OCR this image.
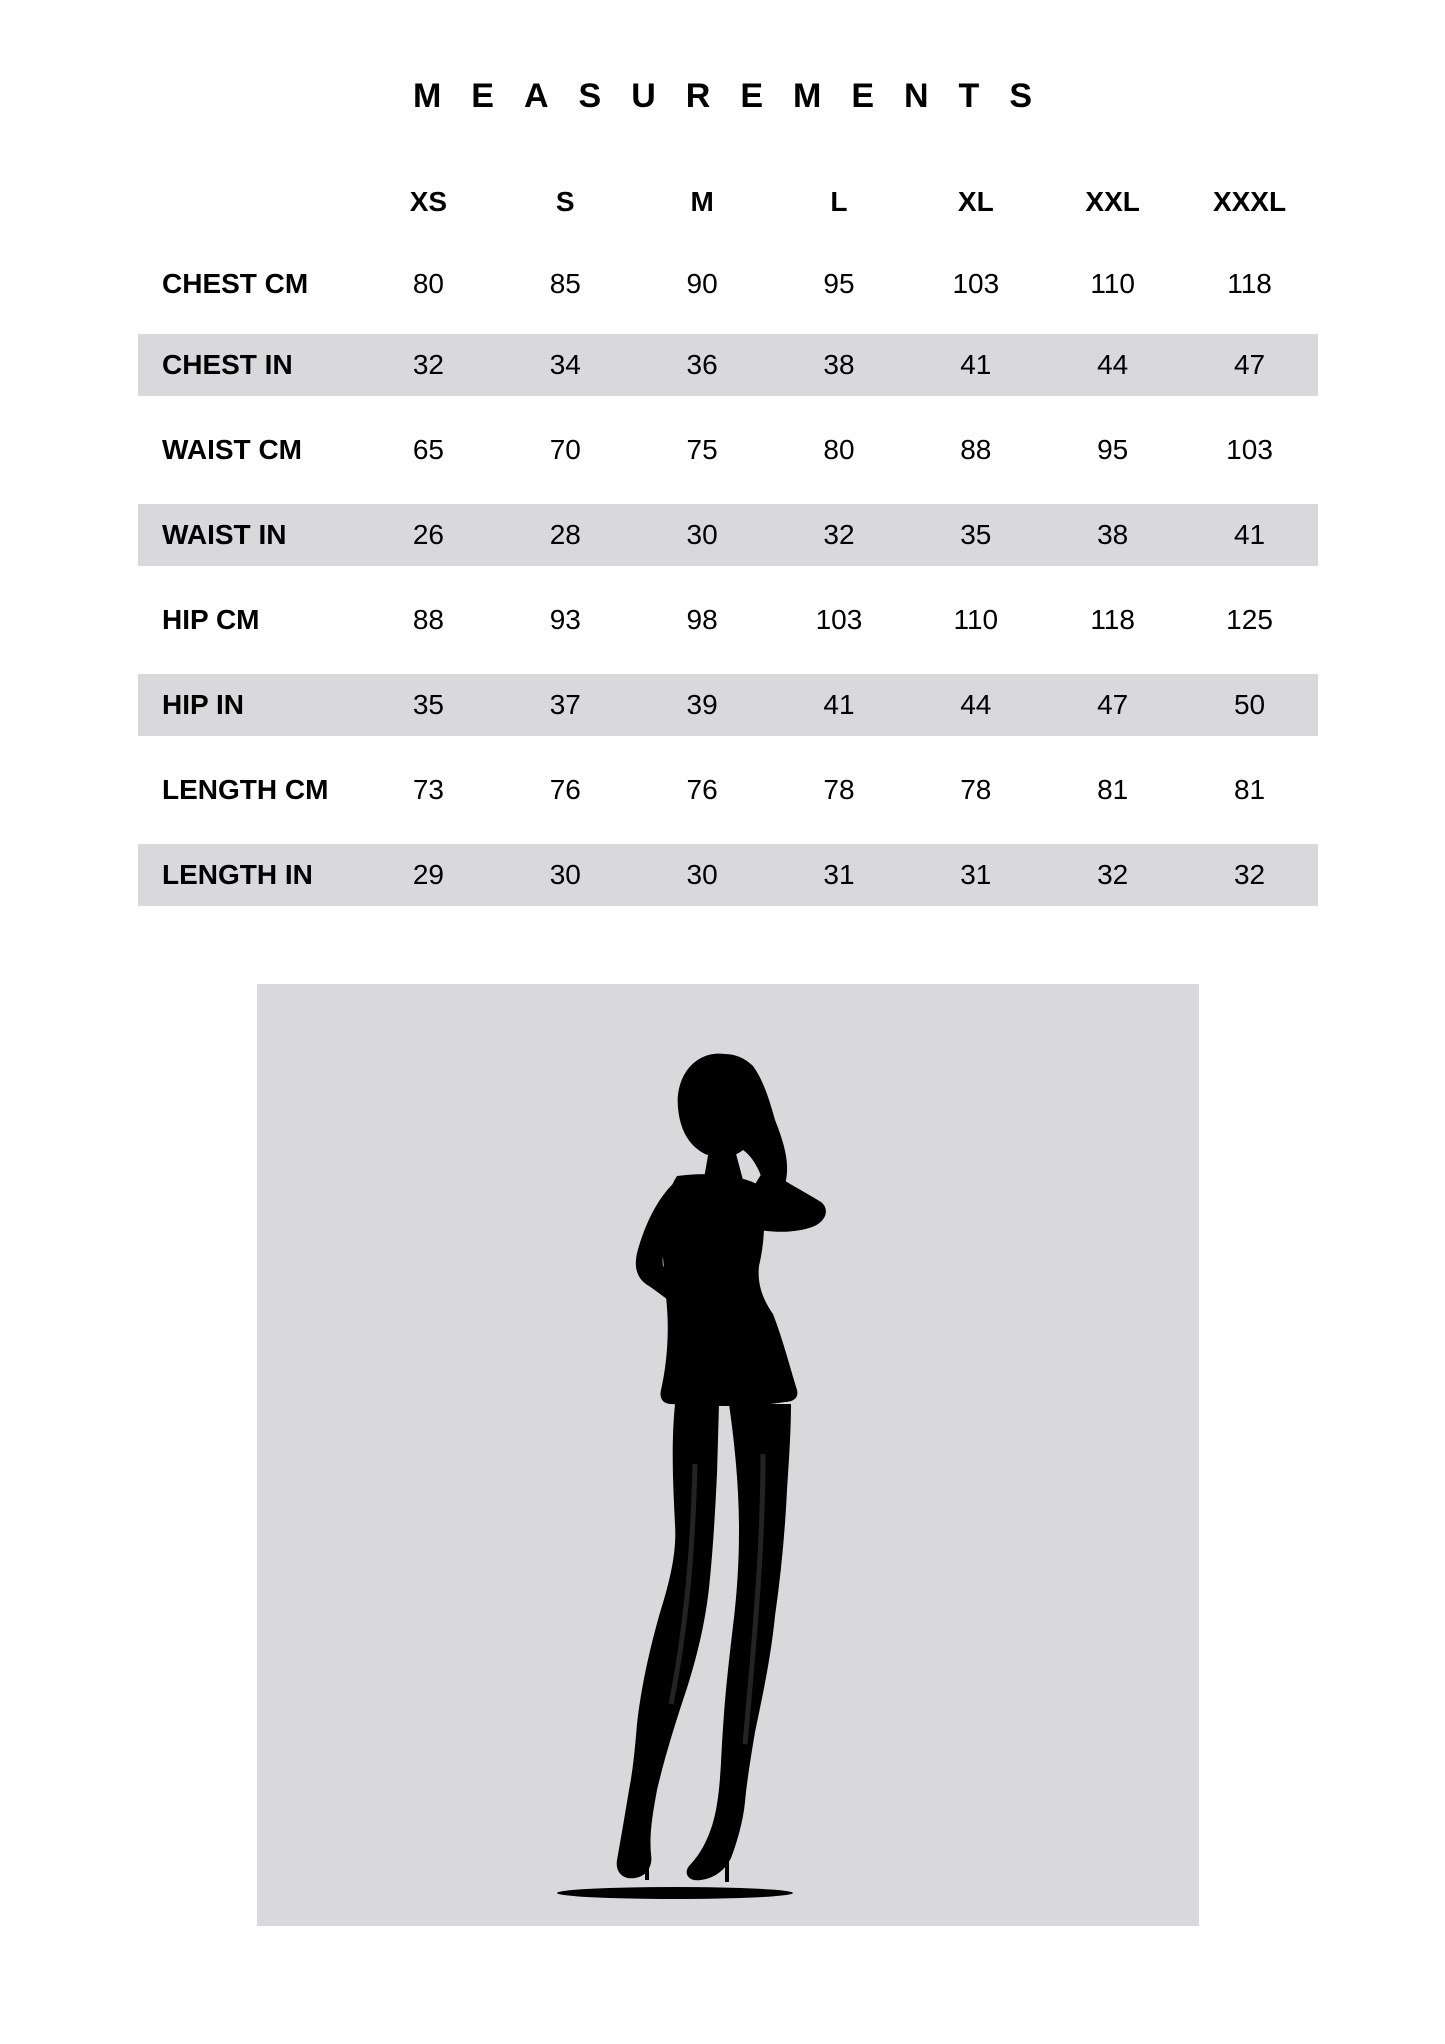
MEASUREMENTS
	XS	S	M	L	XL	XXL	XXXL
CHEST CM	80	85	90	95	103	110	118
CHEST IN	32	34	36	38	41	44	47
WAIST CM	65	70	75	80	88	95	103
WAIST IN	26	28	30	32	35	38	41
HIP CM	88	93	98	103	110	118	125
HIP IN	35	37	39	41	44	47	50
LENGTH CM	73	76	76	78	78	81	81
LENGTH IN	29	30	30	31	31	32	32
